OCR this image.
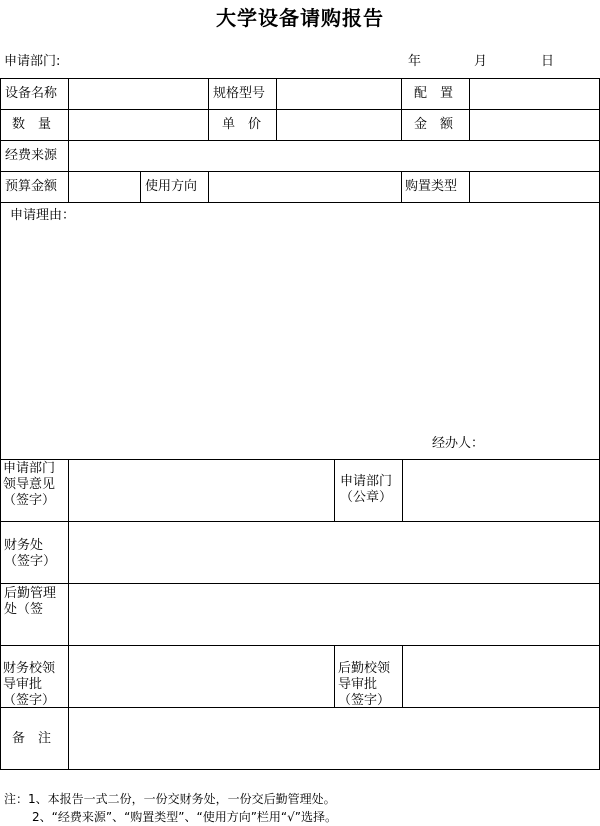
大学设备请购报告
申请部门:	年	月	日
设备名称	规格型号	配　置
数　量	单　价	金　额
经费来源
预算金额	使用方向	购置类型
申请理由：
经办人：
申请部门领导意见（签字）
申请部门（公章）
财务处（签字）
后勤管理处（签
财务校领导审批（签字）
后勤校领导审批（签字）
备　注
注：1、本报告一式二份，一份交财务处，一份交后勤管理处。
2、“经费来源”、“购置类型”、“使用方向”栏用“√”选择。
